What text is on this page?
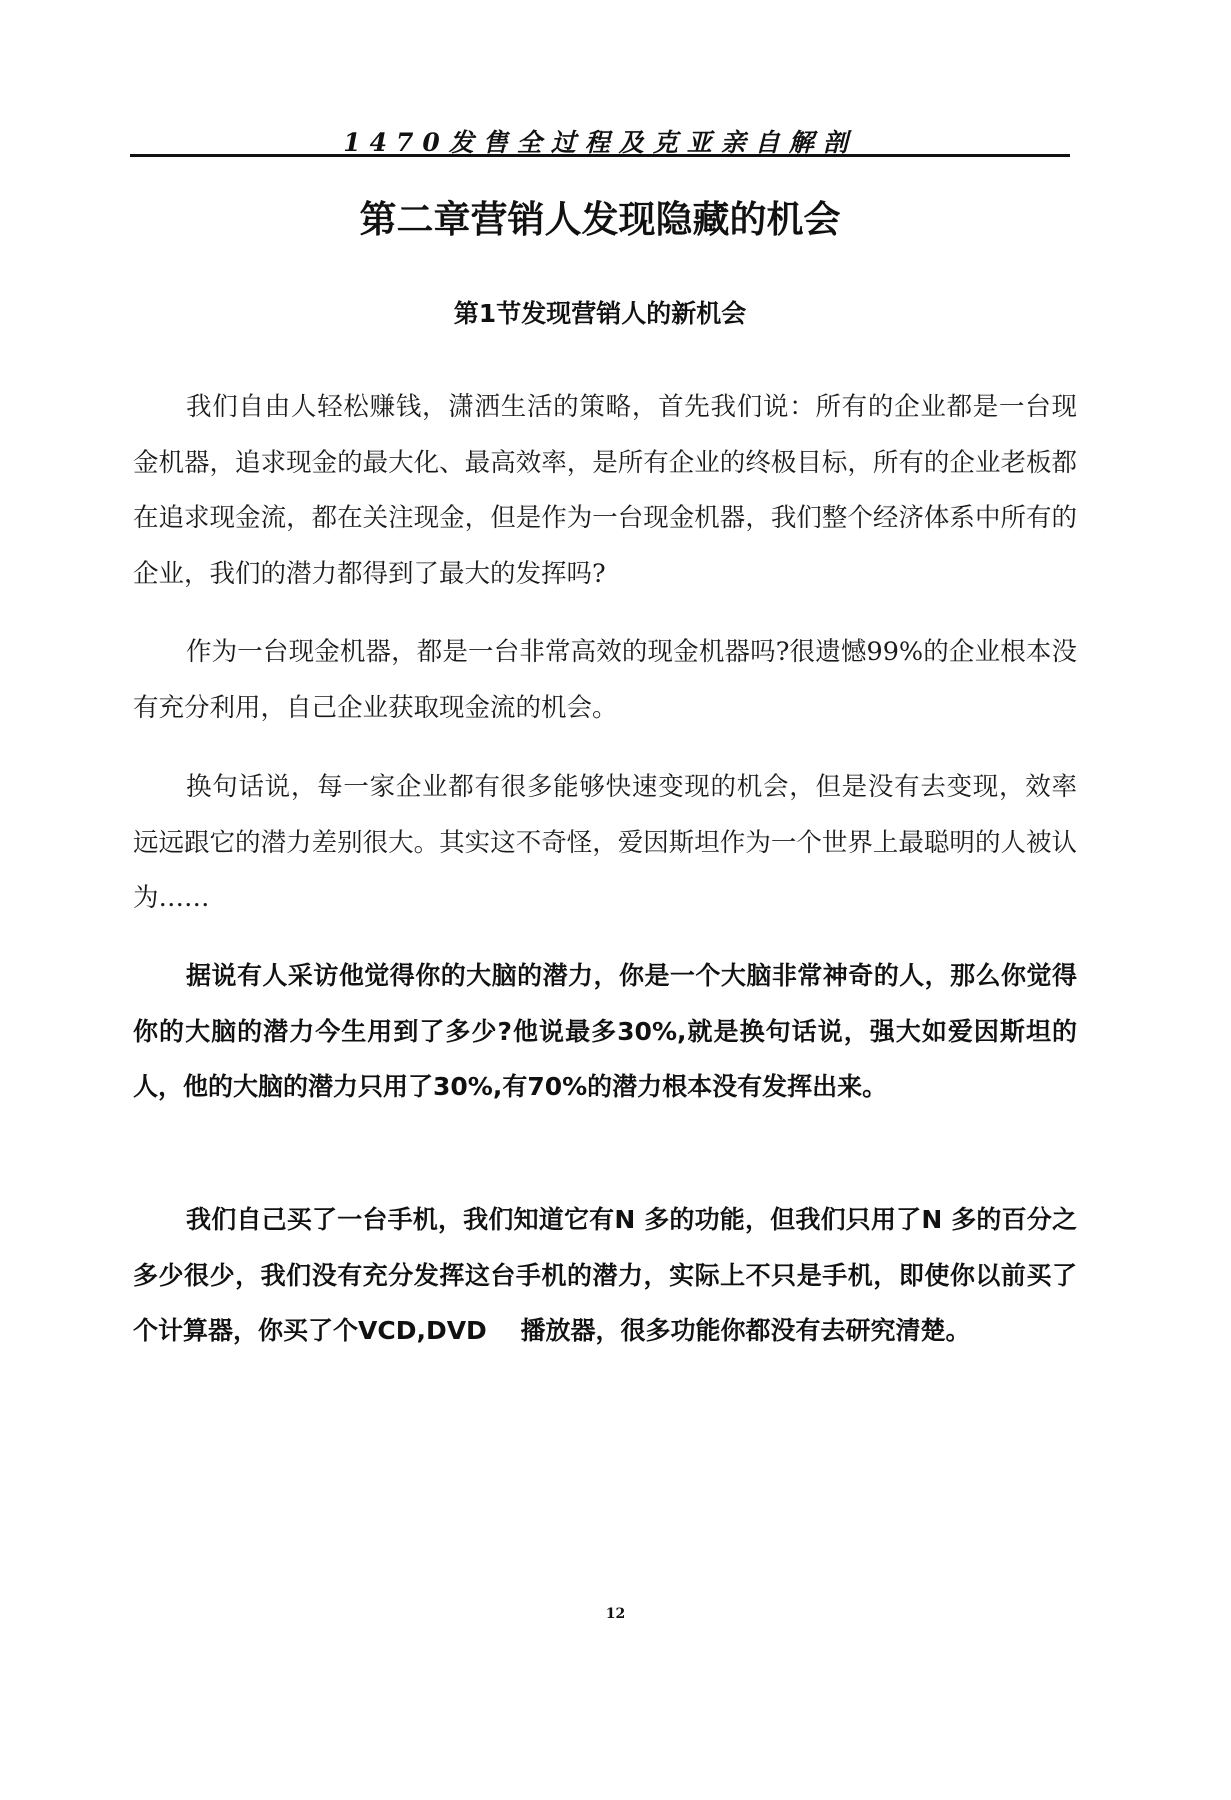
1470发售全过程及克亚亲自解剖
第二章营销人发现隐藏的机会
第1节发现营销人的新机会

我们自由人轻松赚钱，潇洒生活的策略，首先我们说：所有的企业都是一台现金机器，追求现金的最大化、最高效率，是所有企业的终极目标，所有的企业老板都在追求现金流，都在关注现金，但是作为一台现金机器，我们整个经济体系中所有的企业，我们的潜力都得到了最大的发挥吗?

作为一台现金机器，都是一台非常高效的现金机器吗?很遗憾99%的企业根本没有充分利用，自己企业获取现金流的机会。

换句话说，每一家企业都有很多能够快速变现的机会，但是没有去变现，效率远远跟它的潜力差别很大。其实这不奇怪，爱因斯坦作为一个世界上最聪明的人被认为……

据说有人采访他觉得你的大脑的潜力，你是一个大脑非常神奇的人，那么你觉得你的大脑的潜力今生用到了多少?他说最多30%,就是换句话说，强大如爱因斯坦的人，他的大脑的潜力只用了30%,有70%的潜力根本没有发挥出来。

我们自己买了一台手机，我们知道它有N 多的功能，但我们只用了N 多的百分之多少很少，我们没有充分发挥这台手机的潜力，实际上不只是手机，即使你以前买了个计算器，你买了个VCD,DVD　 播放器，很多功能你都没有去研究清楚。

12
